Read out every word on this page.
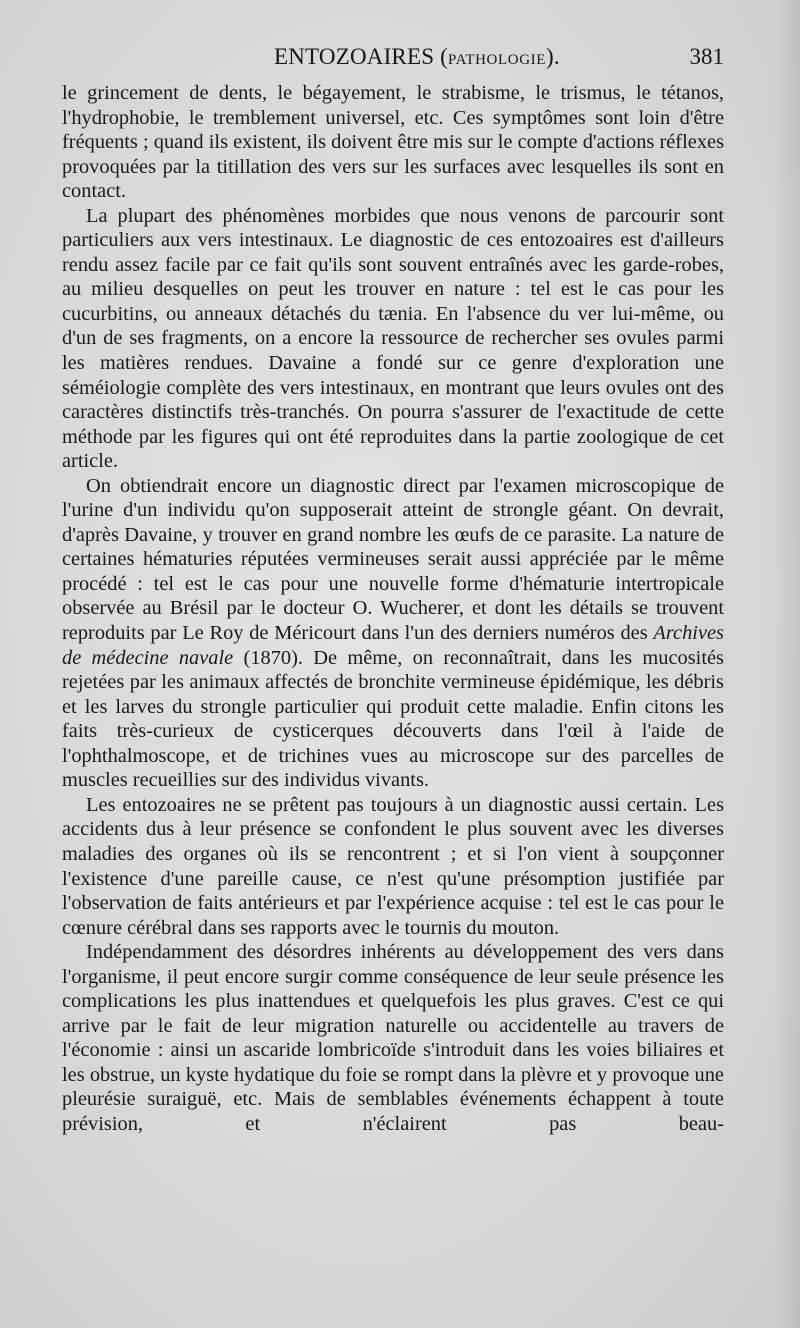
ENTOZOAIRES (PATHOLOGIE).	381

le grincement de dents, le bégayement, le strabisme, le trismus, le tétanos, l'hydrophobie, le tremblement universel, etc. Ces symptômes sont loin d'être fréquents ; quand ils existent, ils doivent être mis sur le compte d'actions réflexes provoquées par la titillation des vers sur les surfaces avec lesquelles ils sont en contact.

La plupart des phénomènes morbides que nous venons de parcourir sont particuliers aux vers intestinaux. Le diagnostic de ces entozoaires est d'ailleurs rendu assez facile par ce fait qu'ils sont souvent entraînés avec les garde-robes, au milieu desquelles on peut les trouver en nature : tel est le cas pour les cucurbitins, ou anneaux détachés du tænia. En l'absence du ver lui-même, ou d'un de ses fragments, on a encore la ressource de rechercher ses ovules parmi les matières rendues. Davaine a fondé sur ce genre d'exploration une séméiologie complète des vers intestinaux, en montrant que leurs ovules ont des caractères distinctifs très-tranchés. On pourra s'assurer de l'exactitude de cette méthode par les figures qui ont été reproduites dans la partie zoologique de cet article.

On obtiendrait encore un diagnostic direct par l'examen microscopique de l'urine d'un individu qu'on supposerait atteint de strongle géant. On devrait, d'après Davaine, y trouver en grand nombre les œufs de ce parasite. La nature de certaines hématuries réputées vermineuses serait aussi appréciée par le même procédé : tel est le cas pour une nouvelle forme d'hématurie intertropicale observée au Brésil par le docteur O. Wucherer, et dont les détails se trouvent reproduits par Le Roy de Méricourt dans l'un des derniers numéros des Archives de médecine navale (1870). De même, on reconnaîtrait, dans les mucosités rejetées par les animaux affectés de bronchite vermineuse épidémique, les débris et les larves du strongle particulier qui produit cette maladie. Enfin citons les faits très-curieux de cysticerques découverts dans l'œil à l'aide de l'ophthalmoscope, et de trichines vues au microscope sur des parcelles de muscles recueillies sur des individus vivants.

Les entozoaires ne se prêtent pas toujours à un diagnostic aussi certain. Les accidents dus à leur présence se confondent le plus souvent avec les diverses maladies des organes où ils se rencontrent ; et si l'on vient à soupçonner l'existence d'une pareille cause, ce n'est qu'une présomption justifiée par l'observation de faits antérieurs et par l'expérience acquise : tel est le cas pour le cœnure cérébral dans ses rapports avec le tournis du mouton.

Indépendamment des désordres inhérents au développement des vers dans l'organisme, il peut encore surgir comme conséquence de leur seule présence les complications les plus inattendues et quelquefois les plus graves. C'est ce qui arrive par le fait de leur migration naturelle ou accidentelle au travers de l'économie : ainsi un ascaride lombricoïde s'introduit dans les voies biliaires et les obstrue, un kyste hydatique du foie se rompt dans la plèvre et y provoque une pleurésie suraiguë, etc. Mais de semblables événements échappent à toute prévision, et n'éclairent pas beau-
